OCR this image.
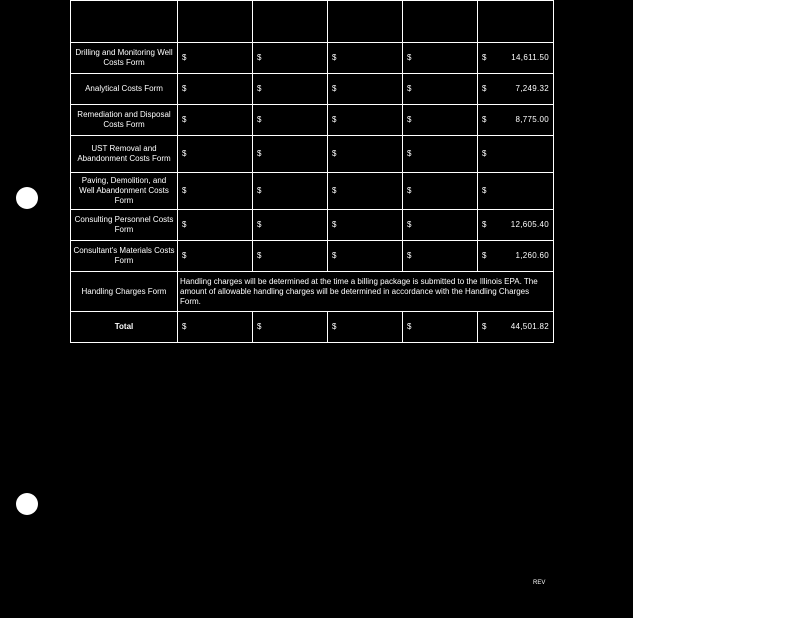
Drilling and Monitoring Well Costs Form	$	$	$	$	$ 14,611.50

Analytical Costs Form	$	$	$	$	$ 7,249.32

Remediation and Disposal Costs Form	$	$	$	$	$ 8,775.00

UST Removal and Abandonment Costs Form	$	$	$	$	$

Paving, Demolition, and Well Abandonment Costs Form	$	$	$	$	$

Consulting Personnel Costs Form	$	$	$	$	$ 12,605.40

Consultant's Materials Costs Form	$	$	$	$	$ 1,260.60

Handling Charges Form	Handling charges will be determined at the time a billing package is submitted to the Illinois EPA. The amount of allowable handling charges will be determined in accordance with the Handling Charges Form.				
Total	$	$	$	$	$ 44,501.82
REV
